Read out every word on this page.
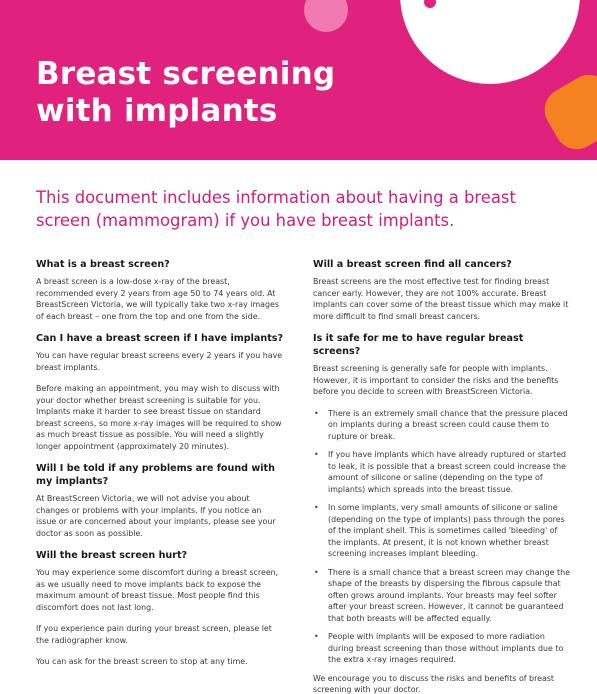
Breast screening
with implants

This document includes information about having a breast screen (mammogram) if you have breast implants.

What is a breast screen?

A breast screen is a low-dose x-ray of the breast, recommended every 2 years from age 50 to 74 years old. At BreastScreen Victoria, we will typically take two x-ray images of each breast – one from the top and one from the side.

Can I have a breast screen if I have implants?

You can have regular breast screens every 2 years if you have breast implants.

Before making an appointment, you may wish to discuss with your doctor whether breast screening is suitable for you. Implants make it harder to see breast tissue on standard breast screens, so more x-ray images will be required to show as much breast tissue as possible. You will need a slightly longer appointment (approximately 20 minutes).

Will I be told if any problems are found with my implants?

At BreastScreen Victoria, we will not advise you about changes or problems with your implants. If you notice an issue or are concerned about your implants, please see your doctor as soon as possible.

Will the breast screen hurt?

You may experience some discomfort during a breast screen, as we usually need to move implants back to expose the maximum amount of breast tissue. Most people find this discomfort does not last long.

If you experience pain during your breast screen, please let the radiographer know.

You can ask for the breast screen to stop at any time.

Will a breast screen find all cancers?

Breast screens are the most effective test for finding breast cancer early. However, they are not 100% accurate. Breast implants can cover some of the breast tissue which may make it more difficult to find small breast cancers.

Is it safe for me to have regular breast screens?

Breast screening is generally safe for people with implants. However, it is important to consider the risks and the benefits before you decide to screen with BreastScreen Victoria.

• There is an extremely small chance that the pressure placed on implants during a breast screen could cause them to rupture or break.
• If you have implants which have already ruptured or started to leak, it is possible that a breast screen could increase the amount of silicone or saline (depending on the type of implants) which spreads into the breast tissue.
• In some implants, very small amounts of silicone or saline (depending on the type of implants) pass through the pores of the implant shell. This is sometimes called 'bleeding' of the implants. At present, it is not known whether breast screening increases implant bleeding.
• There is a small chance that a breast screen may change the shape of the breasts by dispersing the fibrous capsule that often grows around implants. Your breasts may feel softer after your breast screen. However, it cannot be guaranteed that both breasts will be affected equally.
• People with implants will be exposed to more radiation during breast screening than those without implants due to the extra x-ray images required.

We encourage you to discuss the risks and benefits of breast screening with your doctor.
